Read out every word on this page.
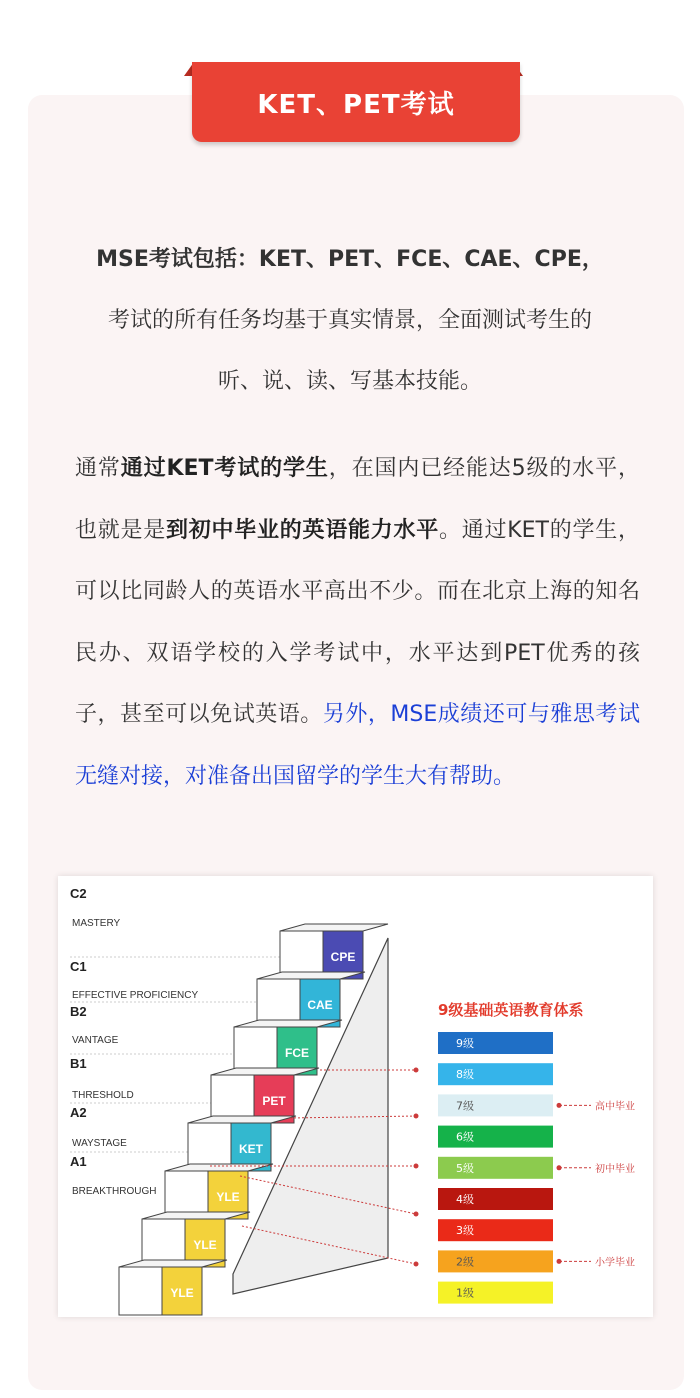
KET、PET考试
MSE考试包括：KET、PET、FCE、CAE、CPE，
考试的所有任务均基于真实情景，全面测试考生的
听、说、读、写基本技能。
通常通过KET考试的学生，在国内已经能达5级的水平，也就是是到初中毕业的英语能力水平。通过KET的学生，可以比同龄人的英语水平高出不少。而在北京上海的知名民办、双语学校的入学考试中，水平达到PET优秀的孩子，甚至可以免试英语。另外，MSE成绩还可与雅思考试无缝对接，对准备出国留学的学生大有帮助。
C2
MASTERY
C1
EFFECTIVE PROFICIENCY
B2
VANTAGE
B1
THRESHOLD
A2
WAYSTAGE
A1
BREAKTHROUGH
CPE
CAE
FCE
PET
KET
YLE
YLE
YLE
9级基础英语教育体系
9级
8级
7级
6级
5级
4级
3级
2级
1级
高中毕业
初中毕业
小学毕业
